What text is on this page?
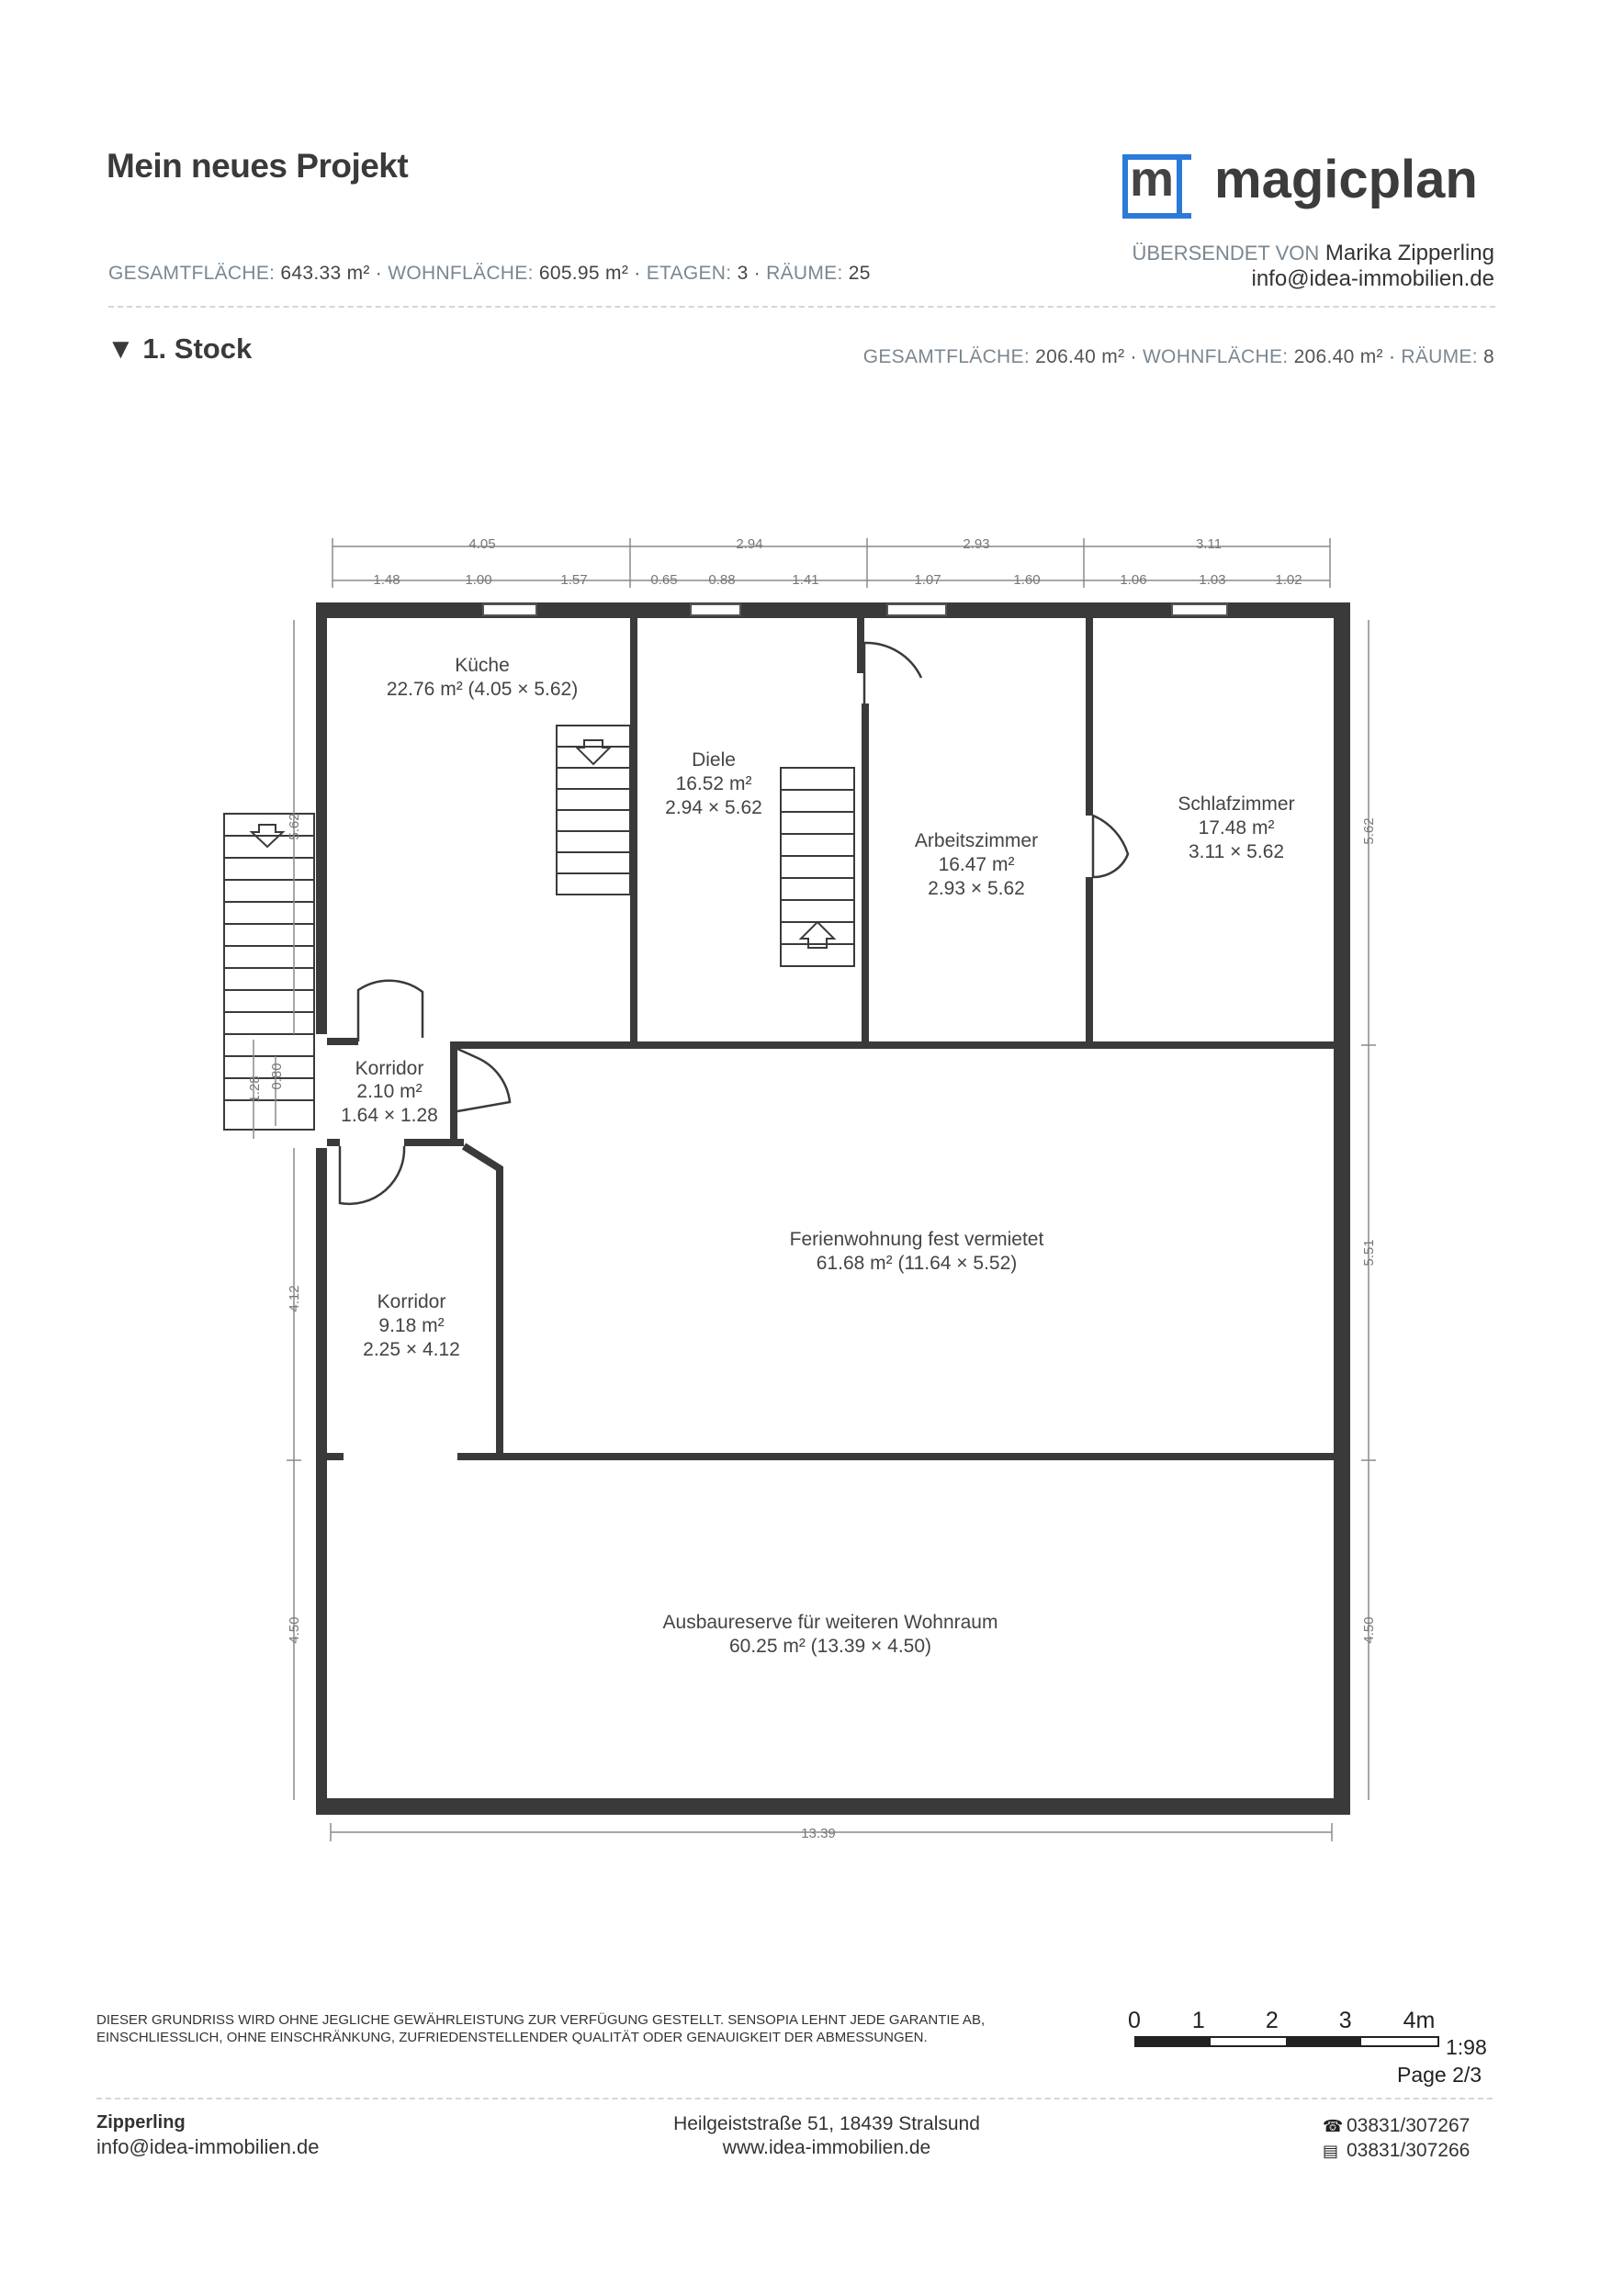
Mein neues Projekt
GESAMTFLÄCHE: 643.33 m² · WOHNFLÄCHE: 605.95 m² · ETAGEN: 3 · RÄUME: 25
m magicplan
ÜBERSENDET VON Marika Zipperling
info@idea-immobilien.de
▼ 1. Stock	GESAMTFLÄCHE: 206.40 m² · WOHNFLÄCHE: 206.40 m² · RÄUME: 8
4.05	2.94	2.93	3.11
1.48	1.00	1.57	0.65 0.88	1.41	1.07	1.60	1.06	1.03	1.02
13.39
5.62
1.28 0.80
4.12
4.50
5.62
5.51
4.50
Küche
22.76 m² (4.05 × 5.62)
Diele
16.52 m²
2.94 × 5.62
Arbeitszimmer
16.47 m²
2.93 × 5.62
Schlafzimmer
17.48 m²
3.11 × 5.62
Korridor
2.10 m²
1.64 × 1.28
Ferienwohnung fest vermietet
61.68 m² (11.64 × 5.52)
Korridor
9.18 m²
2.25 × 4.12
Ausbaureserve für weiteren Wohnraum
60.25 m² (13.39 × 4.50)
DIESER GRUNDRISS WIRD OHNE JEGLICHE GEWÄHRLEISTUNG ZUR VERFÜGUNG GESTELLT. SENSOPIA LEHNT JEDE GARANTIE AB, EINSCHLIESSLICH, OHNE EINSCHRÄNKUNG, ZUFRIEDENSTELLENDER QUALITÄT ODER GENAUIGKEIT DER ABMESSUNGEN.
0 1	2	3 4m
1:98
Page 2/3
Zipperling
info@idea-immobilien.de
Heilgeiststraße 51, 18439 Stralsund
www.idea-immobilien.de
☎ 03831/307267
▤ 03831/307266
